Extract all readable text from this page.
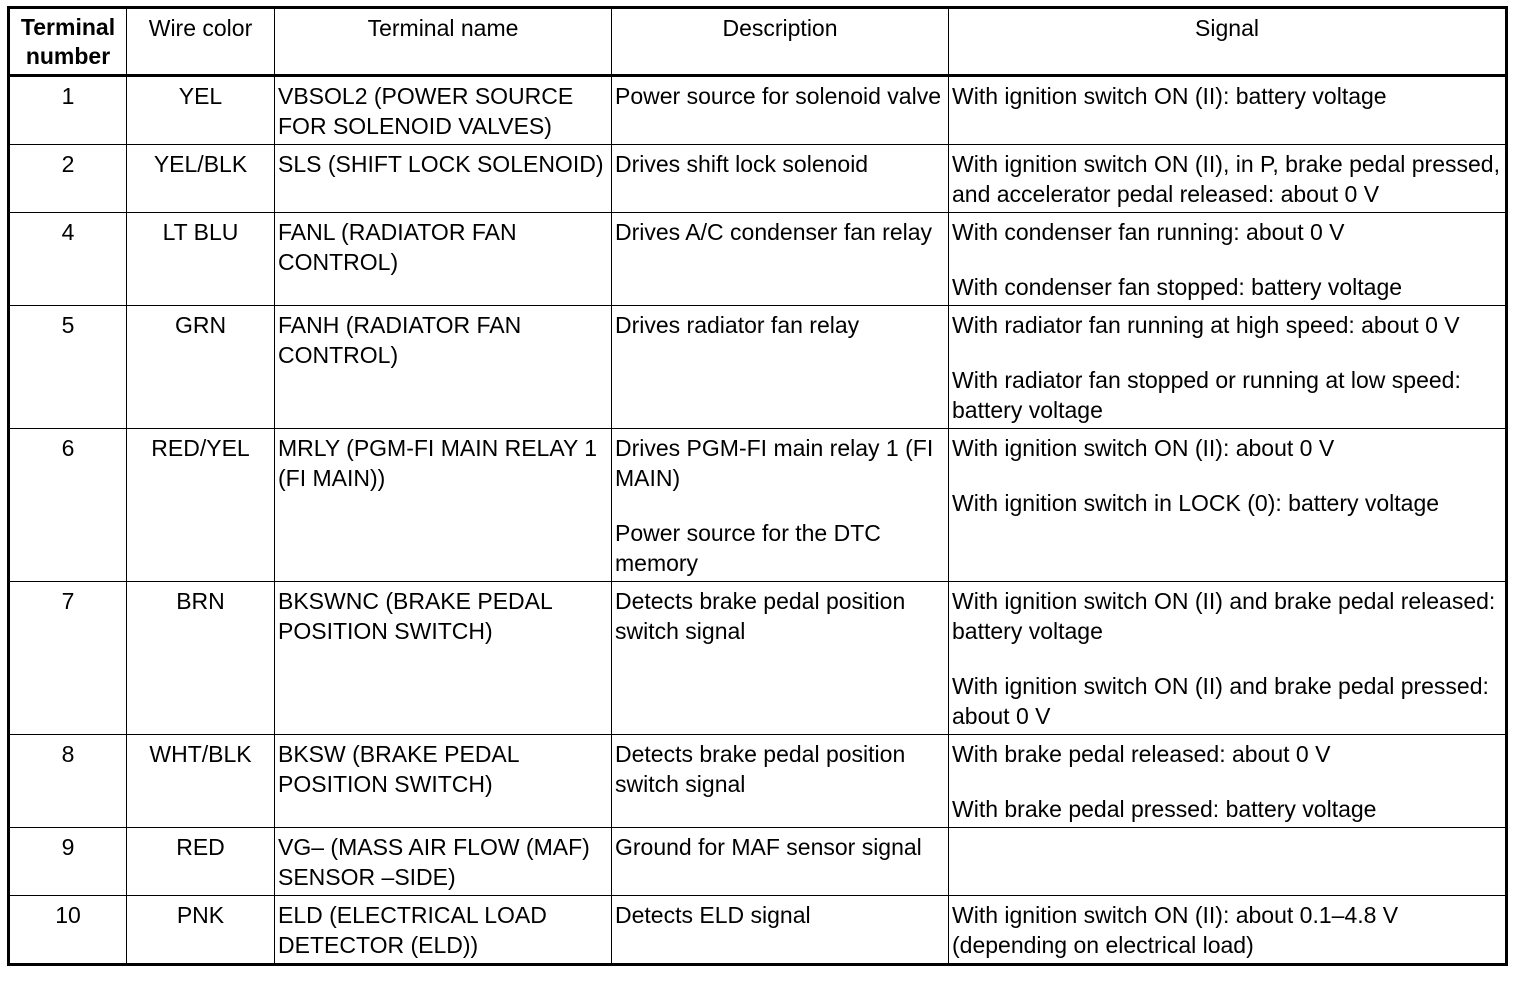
Terminal number	Wire color	Terminal name	Description	Signal
1	YEL	VBSOL2 (POWER SOURCE FOR SOLENOID VALVES)	Power source for solenoid valve	With ignition switch ON (II): battery voltage

2	YEL/BLK	SLS (SHIFT LOCK SOLENOID)	Drives shift lock solenoid	With ignition switch ON (II), in P, brake pedal pressed, and accelerator pedal released: about 0 V

4	LT BLU	FANL (RADIATOR FAN CONTROL)	Drives A/C condenser fan relay	With condenser fan running: about 0 V
With condenser fan stopped: battery voltage

5	GRN	FANH (RADIATOR FAN CONTROL)	Drives radiator fan relay	With radiator fan running at high speed: about 0 V
With radiator fan stopped or running at low speed: battery voltage

6	RED/YEL	MRLY (PGM-FI MAIN RELAY 1 (FI MAIN))	Drives PGM-FI main relay 1 (FI MAIN)
Power source for the DTC memory	With ignition switch ON (II): about 0 V
With ignition switch in LOCK (0): battery voltage

7	BRN	BKSWNC (BRAKE PEDAL POSITION SWITCH)	Detects brake pedal position switch signal	With ignition switch ON (II) and brake pedal released: battery voltage
With ignition switch ON (II) and brake pedal pressed: about 0 V

8	WHT/BLK	BKSW (BRAKE PEDAL POSITION SWITCH)	Detects brake pedal position switch signal	With brake pedal released: about 0 V
With brake pedal pressed: battery voltage

9	RED	VG– (MASS AIR FLOW (MAF) SENSOR –SIDE)	Ground for MAF sensor signal	

10	PNK	ELD (ELECTRICAL LOAD DETECTOR (ELD))	Detects ELD signal	With ignition switch ON (II): about 0.1–4.8 V (depending on electrical load)
